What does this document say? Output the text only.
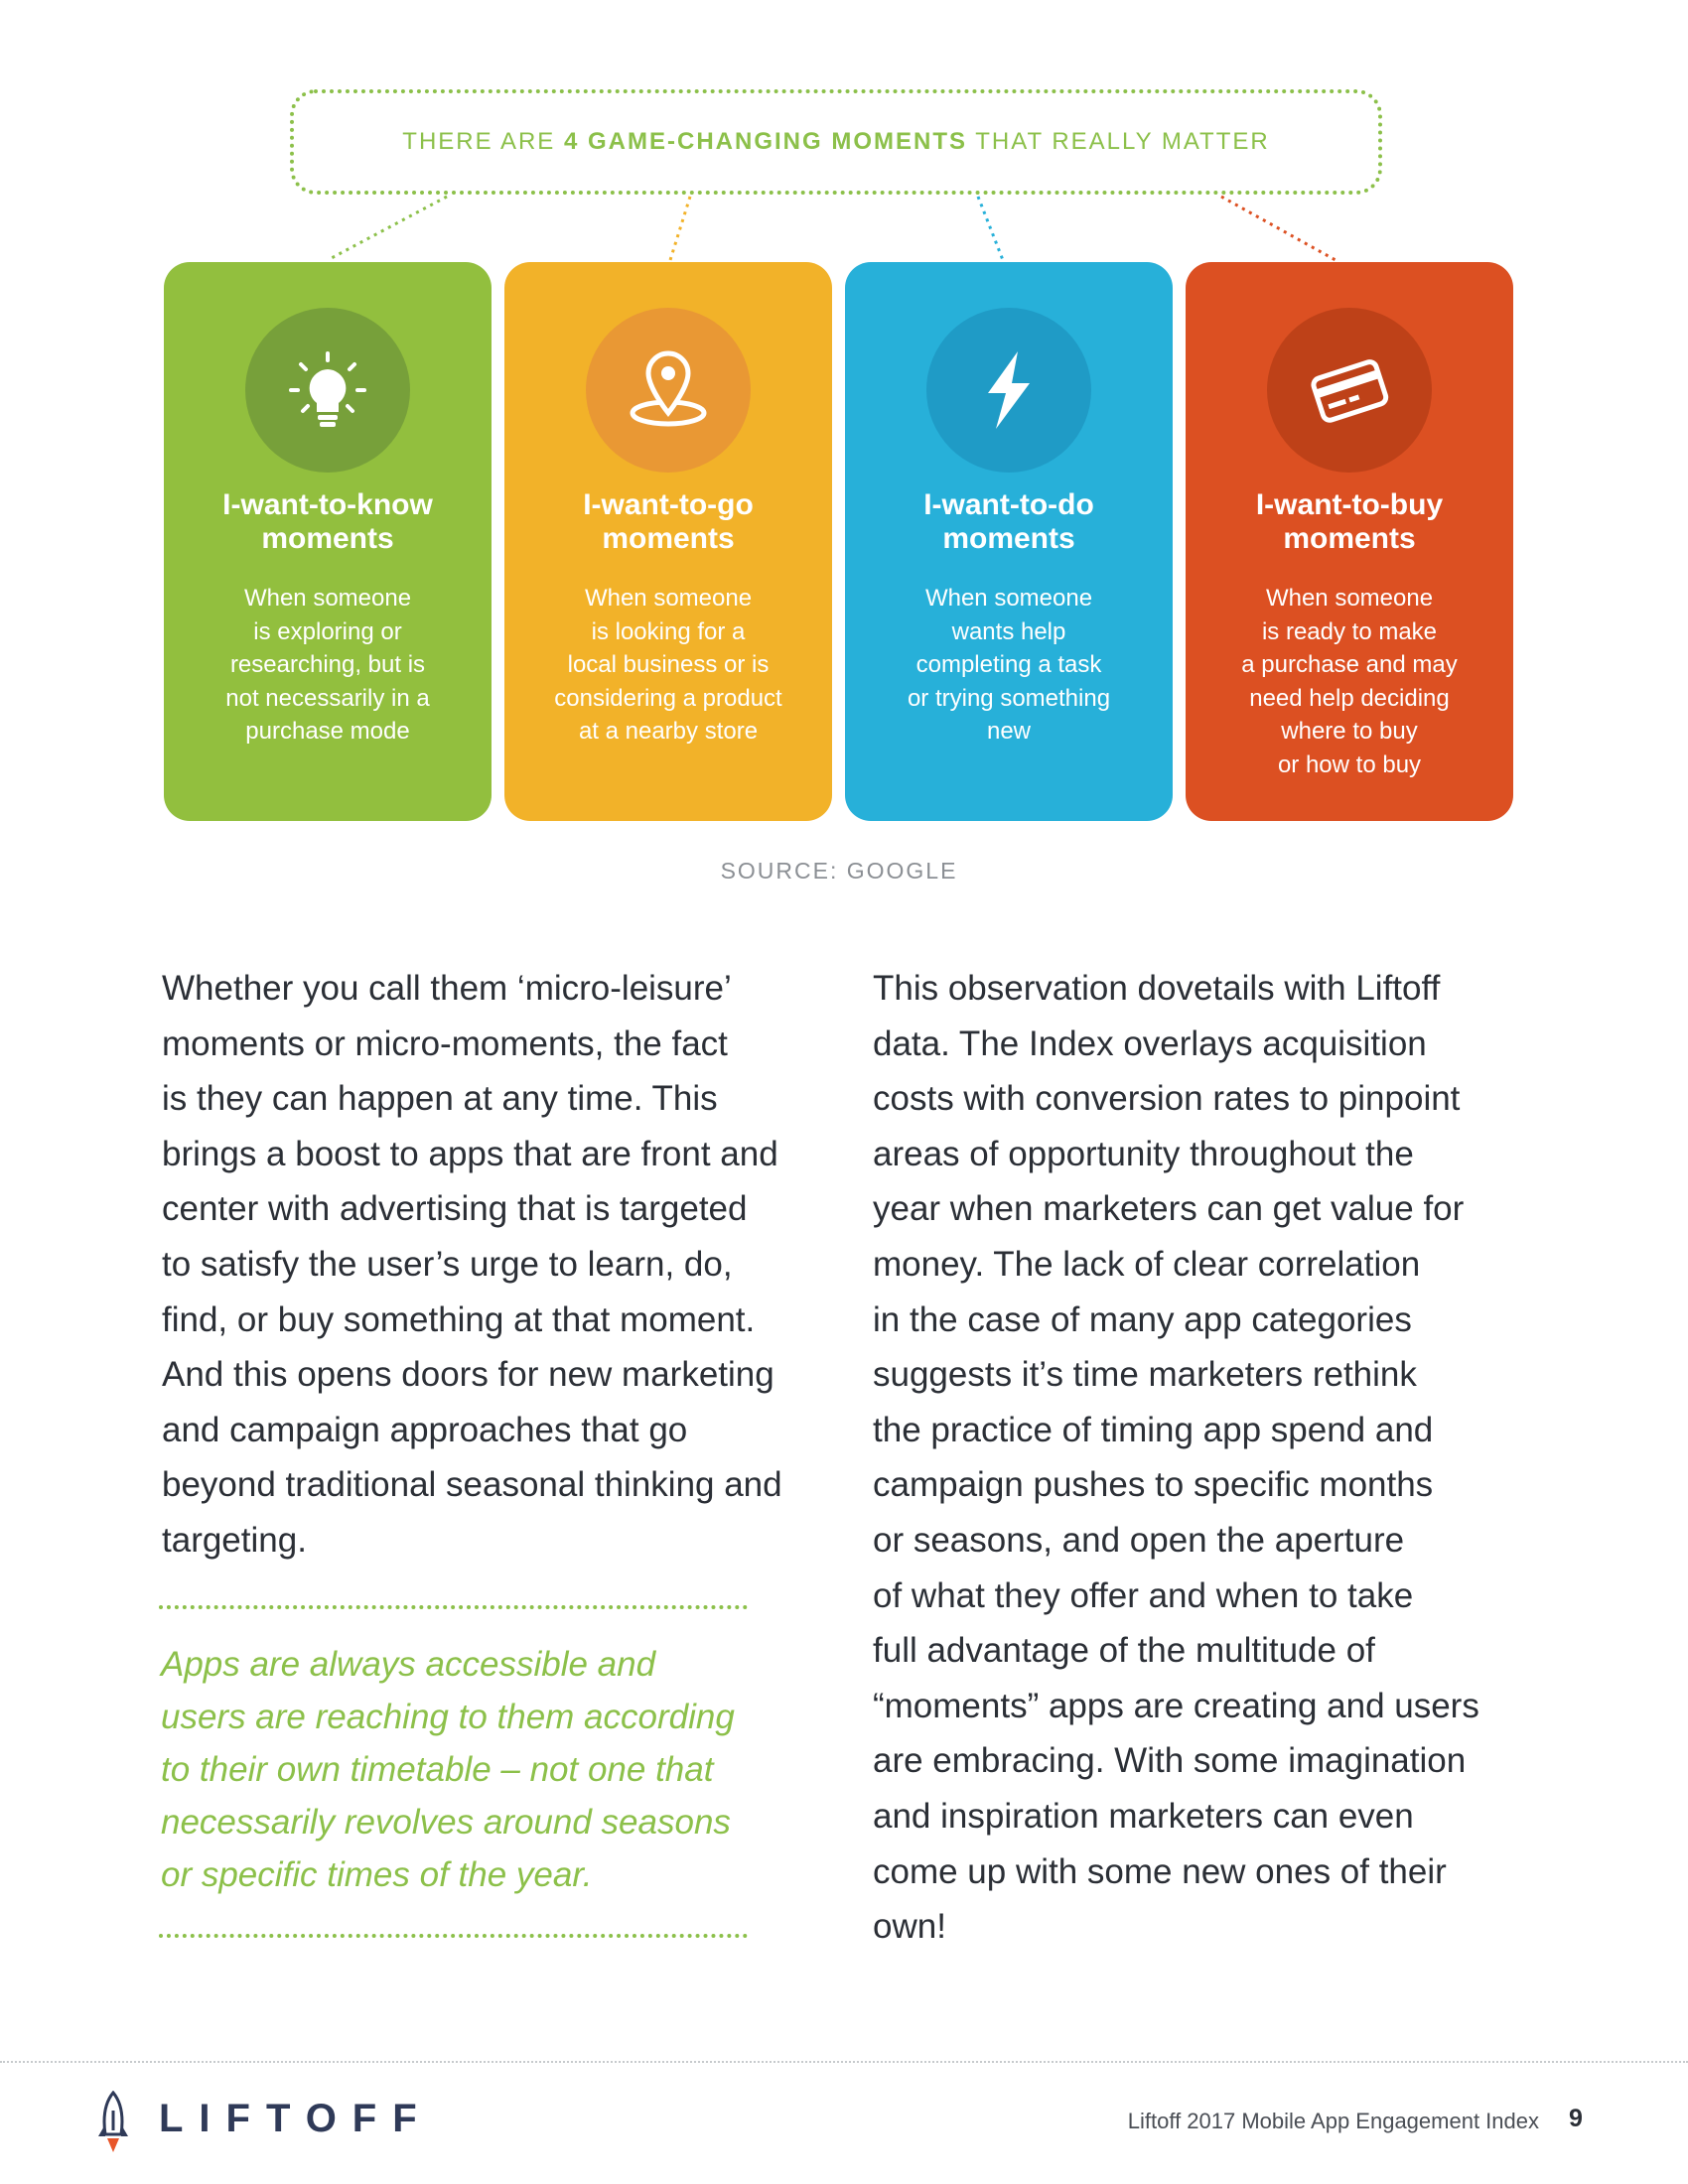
THERE ARE 4 GAME-CHANGING MOMENTS THAT REALLY MATTER
I-want-to-know
moments
When someone
is exploring or
researching, but is
not necessarily in a
purchase mode
I-want-to-go
moments
When someone
is looking for a
local business or is
considering a product
at a nearby store
I-want-to-do
moments
When someone
wants help
completing a task
or trying something
new
I-want-to-buy
moments
When someone
is ready to make
a purchase and may
need help deciding
where to buy
or how to buy
SOURCE: GOOGLE
Whether you call them ‘micro-leisure’
moments or micro-moments, the fact
is they can happen at any time. This
brings a boost to apps that are front and
center with advertising that is targeted
to satisfy the user’s urge to learn, do,
find, or buy something at that moment.
And this opens doors for new marketing
and campaign approaches that go
beyond traditional seasonal thinking and
targeting.
Apps are always accessible and
users are reaching to them according
to their own timetable – not one that
necessarily revolves around seasons
or specific times of the year.
This observation dovetails with Liftoff
data. The Index overlays acquisition
costs with conversion rates to pinpoint
areas of opportunity throughout the
year when marketers can get value for
money. The lack of clear correlation
in the case of many app categories
suggests it’s time marketers rethink
the practice of timing app spend and
campaign pushes to specific months
or seasons, and open the aperture
of what they offer and when to take
full advantage of the multitude of
“moments” apps are creating and users
are embracing. With some imagination
and inspiration marketers can even
come up with some new ones of their
own!
LIFTOFF	Liftoff 2017 Mobile App Engagement Index 9
